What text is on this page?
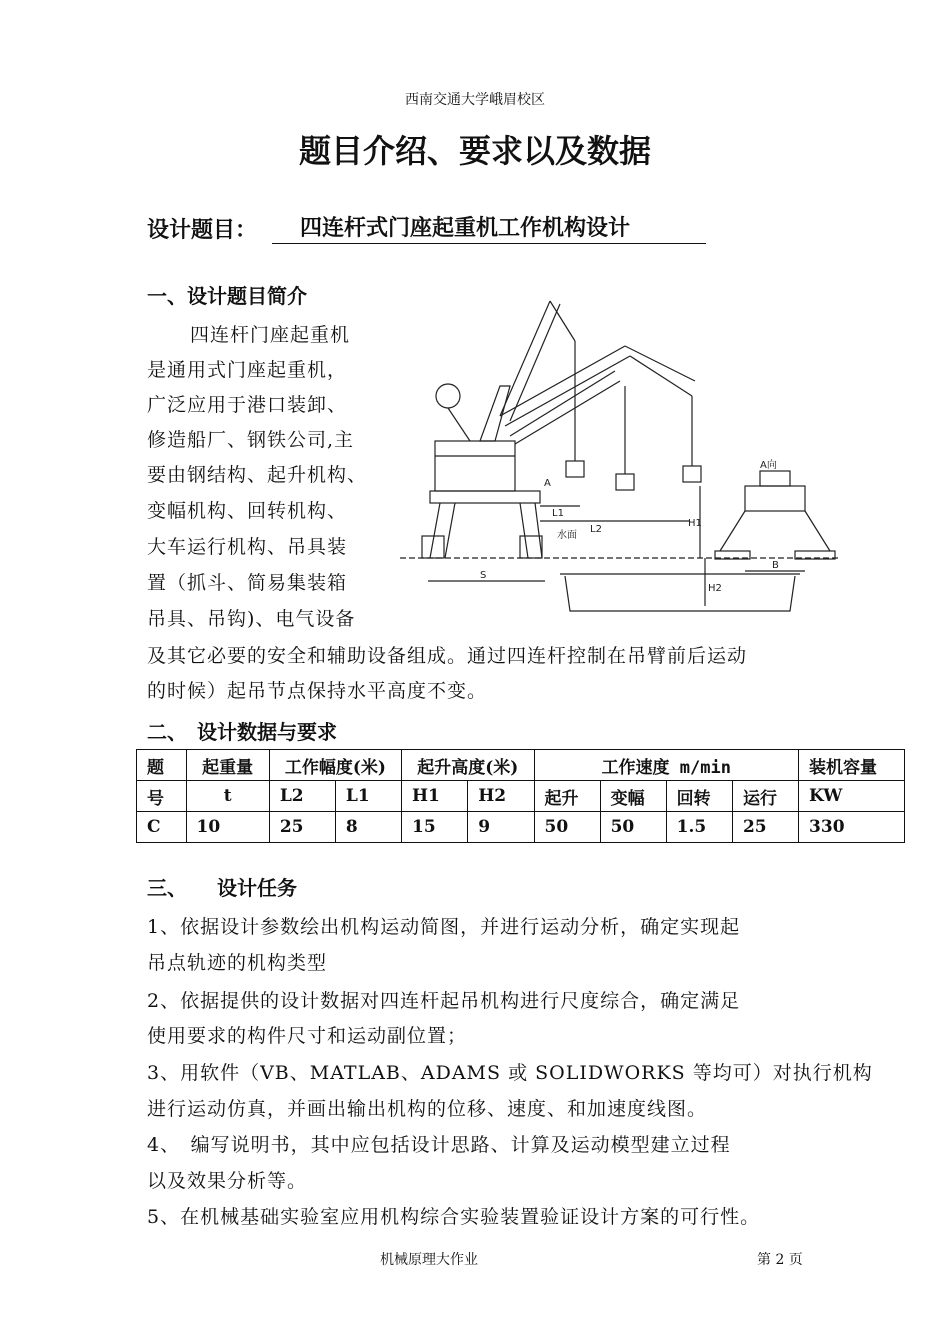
西南交通大学峨眉校区
题目介绍、要求以及数据
设计题目：	四连杆式门座起重机工作机构设计
一、设计题目简介
四连杆门座起重机
是通用式门座起重机，
广泛应用于港口装卸、
修造船厂、钢铁公司,主
要由钢结构、起升机构、
变幅机构、回转机构、
大车运行机构、吊具装
置（抓斗、简易集装箱
吊具、吊钩)、电气设备
及其它必要的安全和辅助设备组成。通过四连杆控制在吊臂前后运动
的时候）起吊节点保持水平高度不变。
A
L1
L2
H1
H2
S
B
A向
水面
二、　设计数据与要求
题	起重量	工作幅度(米)		起升高度(米)		工作速度 m/min				装机容量
号	t	L2	L1	H1	H2	起升	变幅	回转	运行	KW
C	10	25	8	15	9	50	50	1.5	25	330
三、　　设计任务
1、依据设计参数绘出机构运动简图，并进行运动分析，确定实现起
吊点轨迹的机构类型
2、依据提供的设计数据对四连杆起吊机构进行尺度综合，确定满足
使用要求的构件尺寸和运动副位置；
3、用软件（VB、MATLAB、ADAMS 或 SOLIDWORKS 等均可）对执行机构
进行运动仿真，并画出输出机构的位移、速度、和加速度线图。
4、　编写说明书，其中应包括设计思路、计算及运动模型建立过程
以及效果分析等。
5、在机械基础实验室应用机构综合实验装置验证设计方案的可行性。
机械原理大作业	第 2 页
